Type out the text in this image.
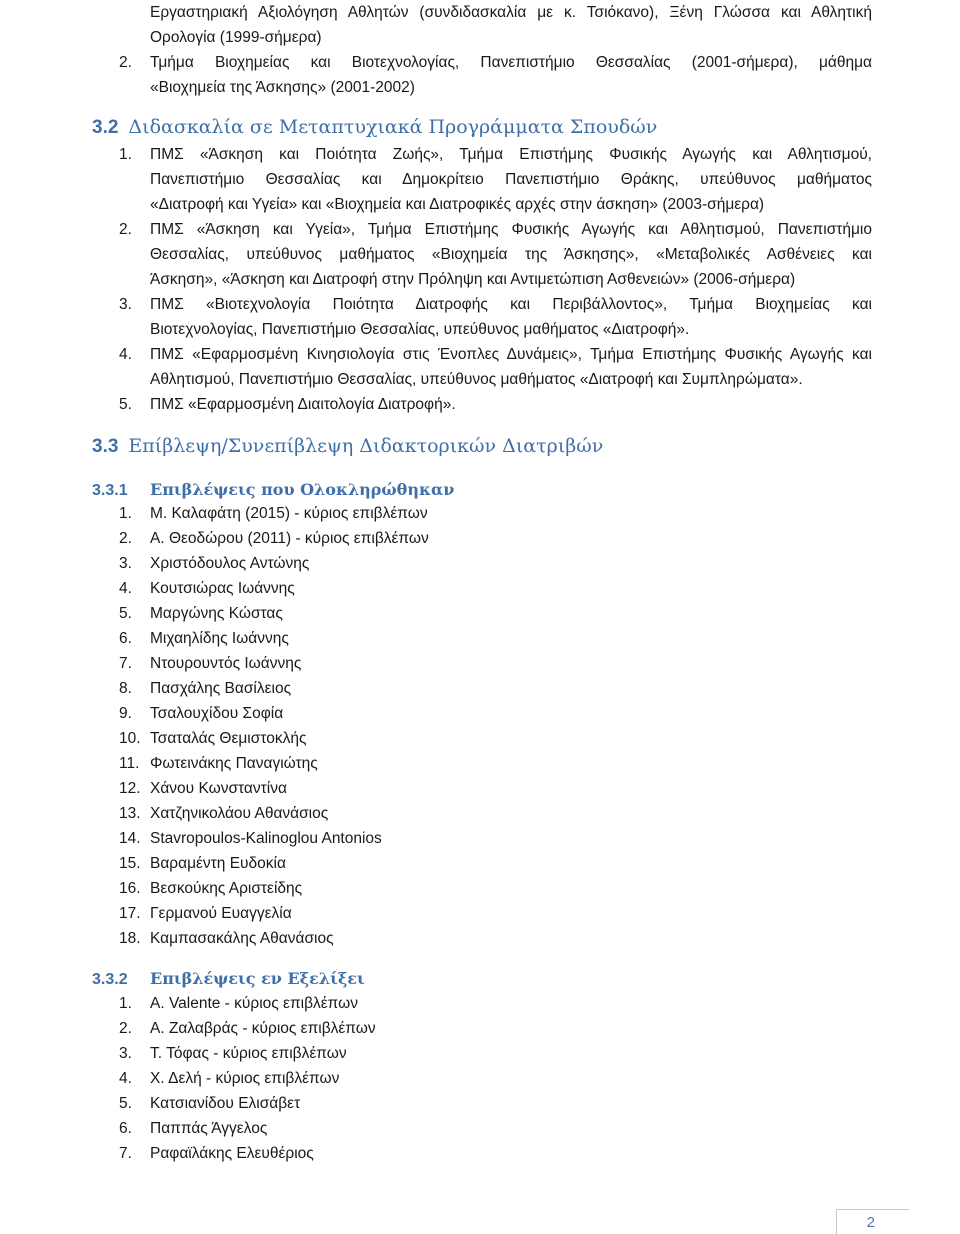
Εργαστηριακή Αξιολόγηση Αθλητών (συνδιδασκαλία με κ. Τσιόκανο), Ξένη Γλώσσα και Αθλητική
Ορολογία (1999-σήμερα)
2.	Τμήμα Βιοχημείας και Βιοτεχνολογίας, Πανεπιστήμιο Θεσσαλίας (2001-σήμερα), μάθημα
«Βιοχημεία της Άσκησης» (2001-2002)
3.2 Διδασκαλία σε Μεταπτυχιακά Προγράμματα Σπουδών
1.	ΠΜΣ «Άσκηση και Ποιότητα Ζωής», Τμήμα Επιστήμης Φυσικής Αγωγής και Αθλητισμού,
Πανεπιστήμιο Θεσσαλίας και Δημοκρίτειο Πανεπιστήμιο Θράκης, υπεύθυνος μαθήματος
«Διατροφή και Υγεία» και «Βιοχημεία και Διατροφικές αρχές στην άσκηση» (2003-σήμερα)
2.	ΠΜΣ «Άσκηση και Υγεία», Τμήμα Επιστήμης Φυσικής Αγωγής και Αθλητισμού, Πανεπιστήμιο
Θεσσαλίας, υπεύθυνος μαθήματος «Βιοχημεία της Άσκησης», «Μεταβολικές Ασθένειες και
Άσκηση», «Άσκηση και Διατροφή στην Πρόληψη και Αντιμετώπιση Ασθενειών» (2006-σήμερα)
3.	ΠΜΣ «Βιοτεχνολογία Ποιότητα Διατροφής και Περιβάλλοντος», Τμήμα Βιοχημείας και
Βιοτεχνολογίας, Πανεπιστήμιο Θεσσαλίας, υπεύθυνος μαθήματος «Διατροφή».
4.	ΠΜΣ «Εφαρμοσμένη Κινησιολογία στις Ένοπλες Δυνάμεις», Τμήμα Επιστήμης Φυσικής Αγωγής και
Αθλητισμού, Πανεπιστήμιο Θεσσαλίας, υπεύθυνος μαθήματος «Διατροφή και Συμπληρώματα».
5.	ΠΜΣ «Εφαρμοσμένη Διαιτολογία Διατροφή».
3.3 Επίβλεψη/Συνεπίβλεψη Διδακτορικών Διατριβών
3.3.1 Επιβλέψεις που Ολοκληρώθηκαν
1.	Μ. Καλαφάτη (2015) - κύριος επιβλέπων
2.	Α. Θεοδώρου (2011) - κύριος επιβλέπων
3.	Χριστόδουλος Αντώνης
4.	Κουτσιώρας Ιωάννης
5.	Μαργώνης Κώστας
6.	Μιχαηλίδης Ιωάννης
7.	Ντουρουντός Ιωάννης
8.	Πασχάλης Βασίλειος
9.	Τσαλουχίδου Σοφία
10. Τσαταλάς Θεμιστοκλής
11. Φωτεινάκης Παναγιώτης
12. Χάνου Κωνσταντίνα
13. Χατζηνικολάου Αθανάσιος
14. Stavropoulos-Kalinoglou Antonios
15. Βαραμέντη Ευδοκία
16. Βεσκούκης Αριστείδης
17. Γερμανού Ευαγγελία
18. Καμπασακάλης Αθανάσιος
3.3.2 Επιβλέψεις εν Εξελίξει
1.	A. Valente - κύριος επιβλέπων
2.	Α. Ζαλαβράς - κύριος επιβλέπων
3.	Τ. Τόφας - κύριος επιβλέπων
4.	Χ. Δελή - κύριος επιβλέπων
5.	Κατσιανίδου Ελισάβετ
6.	Παππάς Άγγελος
7.	Ραφαϊλάκης Ελευθέριος
2
